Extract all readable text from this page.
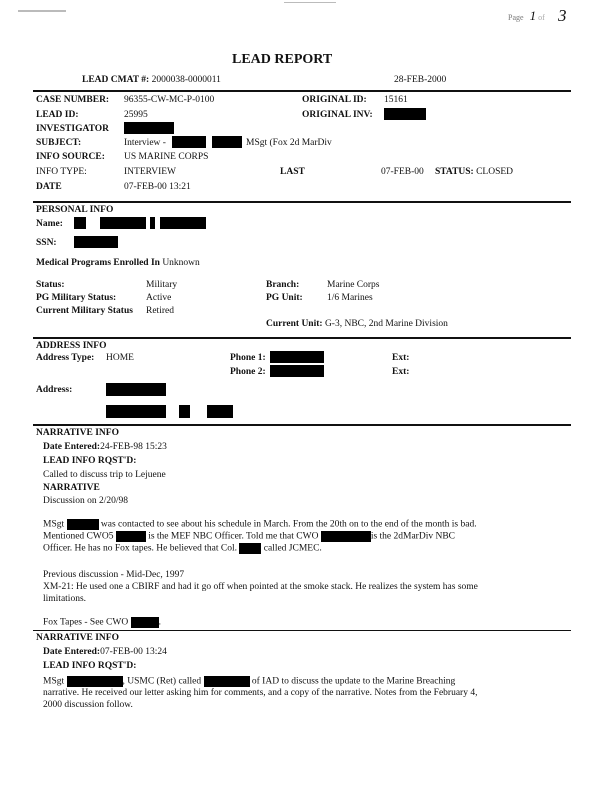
Page 1 of 3
LEAD REPORT
LEAD CMAT #: 2000038-0000011	28-FEB-2000
CASE NUMBER: 96355-CW-MC-P-0100	ORIGINAL ID: 15161
LEAD ID:	25995	ORIGINAL INV:
INVESTIGATOR
SUBJECT:	Interview -	MSgt (Fox 2d MarDiv
INFO SOURCE: US MARINE CORPS
INFO TYPE:	INTERVIEW	LAST	07-FEB-00 STATUS: CLOSED
DATE	07-FEB-00 13:21
PERSONAL INFO
Name:
SSN:
Medical Programs Enrolled In Unknown
Status:	Military	Branch:	Marine Corps
PG Military Status:	Active	PG Unit:	1/6 Marines
Current Military Status Retired
Current Unit: G-3, NBC, 2nd Marine Division
ADDRESS INFO
Address Type: HOME	Phone 1:	Ext:
Phone 2:	Ext:
Address:
NARRATIVE INFO
Date Entered:24-FEB-98 15:23
LEAD INFO RQST'D:
Called to discuss trip to Lejuene
NARRATIVE
Discussion on 2/20/98
MSgt	was contacted to see about his schedule in March. From the 20th on to the end of the month is bad.
Mentioned CWO5	is the MEF NBC Officer. Told me that CWO	is the 2dMarDiv NBC
Officer. He has no Fox tapes. He believed that Col.	called JCMEC.
Previous discussion - Mid-Dec, 1997
XM-21: He used one a CBIRF and had it go off when pointed at the smoke stack. He realizes the system has some
limitations.
Fox Tapes - See CWO	.
NARRATIVE INFO
Date Entered:07-FEB-00 13:24
LEAD INFO RQST'D:
MSgt	, USMC (Ret) called	of IAD to discuss the update to the Marine Breaching
narrative. He received our letter asking him for comments, and a copy of the narrative. Notes from the February 4,
2000 discussion follow.
